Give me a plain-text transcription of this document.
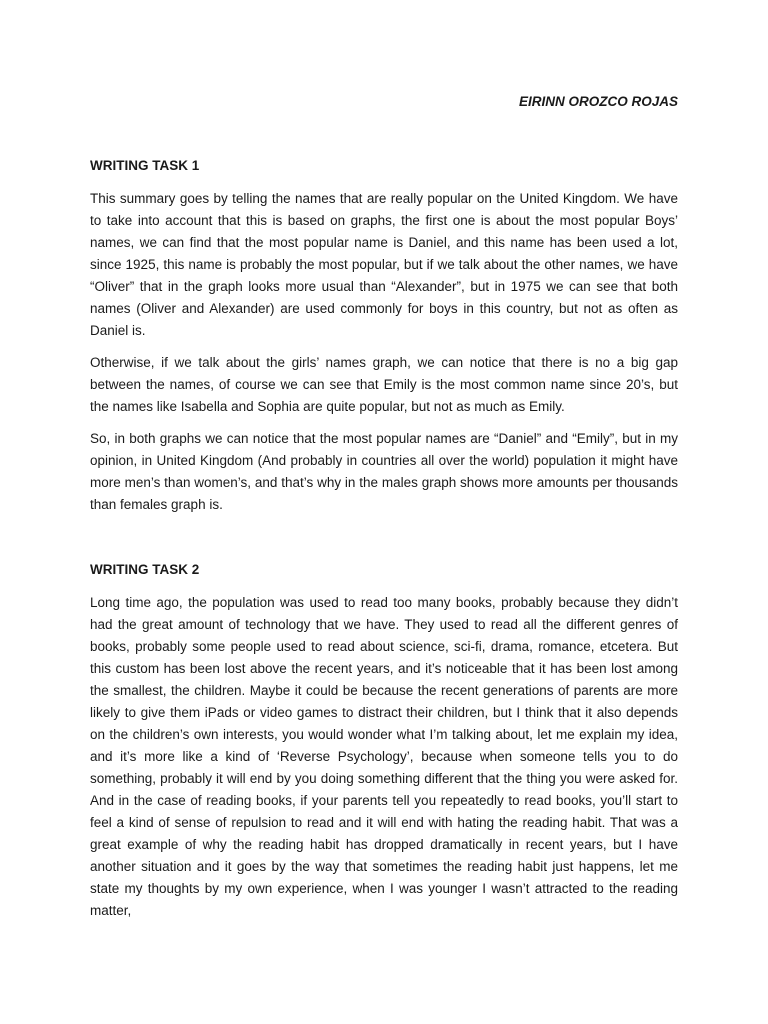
EIRINN OROZCO ROJAS

WRITING TASK 1

This summary goes by telling the names that are really popular on the United Kingdom. We have to take into account that this is based on graphs, the first one is about the most popular Boys’ names, we can find that the most popular name is Daniel, and this name has been used a lot, since 1925, this name is probably the most popular, but if we talk about the other names, we have “Oliver” that in the graph looks more usual than “Alexander”, but in 1975 we can see that both names (Oliver and Alexander) are used commonly for boys in this country, but not as often as Daniel is.

Otherwise, if we talk about the girls’ names graph, we can notice that there is no a big gap between the names, of course we can see that Emily is the most common name since 20’s, but the names like Isabella and Sophia are quite popular, but not as much as Emily.

So, in both graphs we can notice that the most popular names are “Daniel” and “Emily”, but in my opinion, in United Kingdom (And probably in countries all over the world) population it might have more men’s than women’s, and that’s why in the males graph shows more amounts per thousands than females graph is.

WRITING TASK 2

Long time ago, the population was used to read too many books, probably because they didn’t had the great amount of technology that we have. They used to read all the different genres of books, probably some people used to read about science, sci-fi, drama, romance, etcetera. But this custom has been lost above the recent years, and it’s noticeable that it has been lost among the smallest, the children. Maybe it could be because the recent generations of parents are more likely to give them iPads or video games to distract their children, but I think that it also depends on the children’s own interests, you would wonder what I’m talking about, let me explain my idea, and it’s more like a kind of ‘Reverse Psychology’, because when someone tells you to do something, probably it will end by you doing something different that the thing you were asked for. And in the case of reading books, if your parents tell you repeatedly to read books, you’ll start to feel a kind of sense of repulsion to read and it will end with hating the reading habit. That was a great example of why the reading habit has dropped dramatically in recent years, but I have another situation and it goes by the way that sometimes the reading habit just happens, let me state my thoughts by my own experience, when I was younger I wasn’t attracted to the reading matter,
